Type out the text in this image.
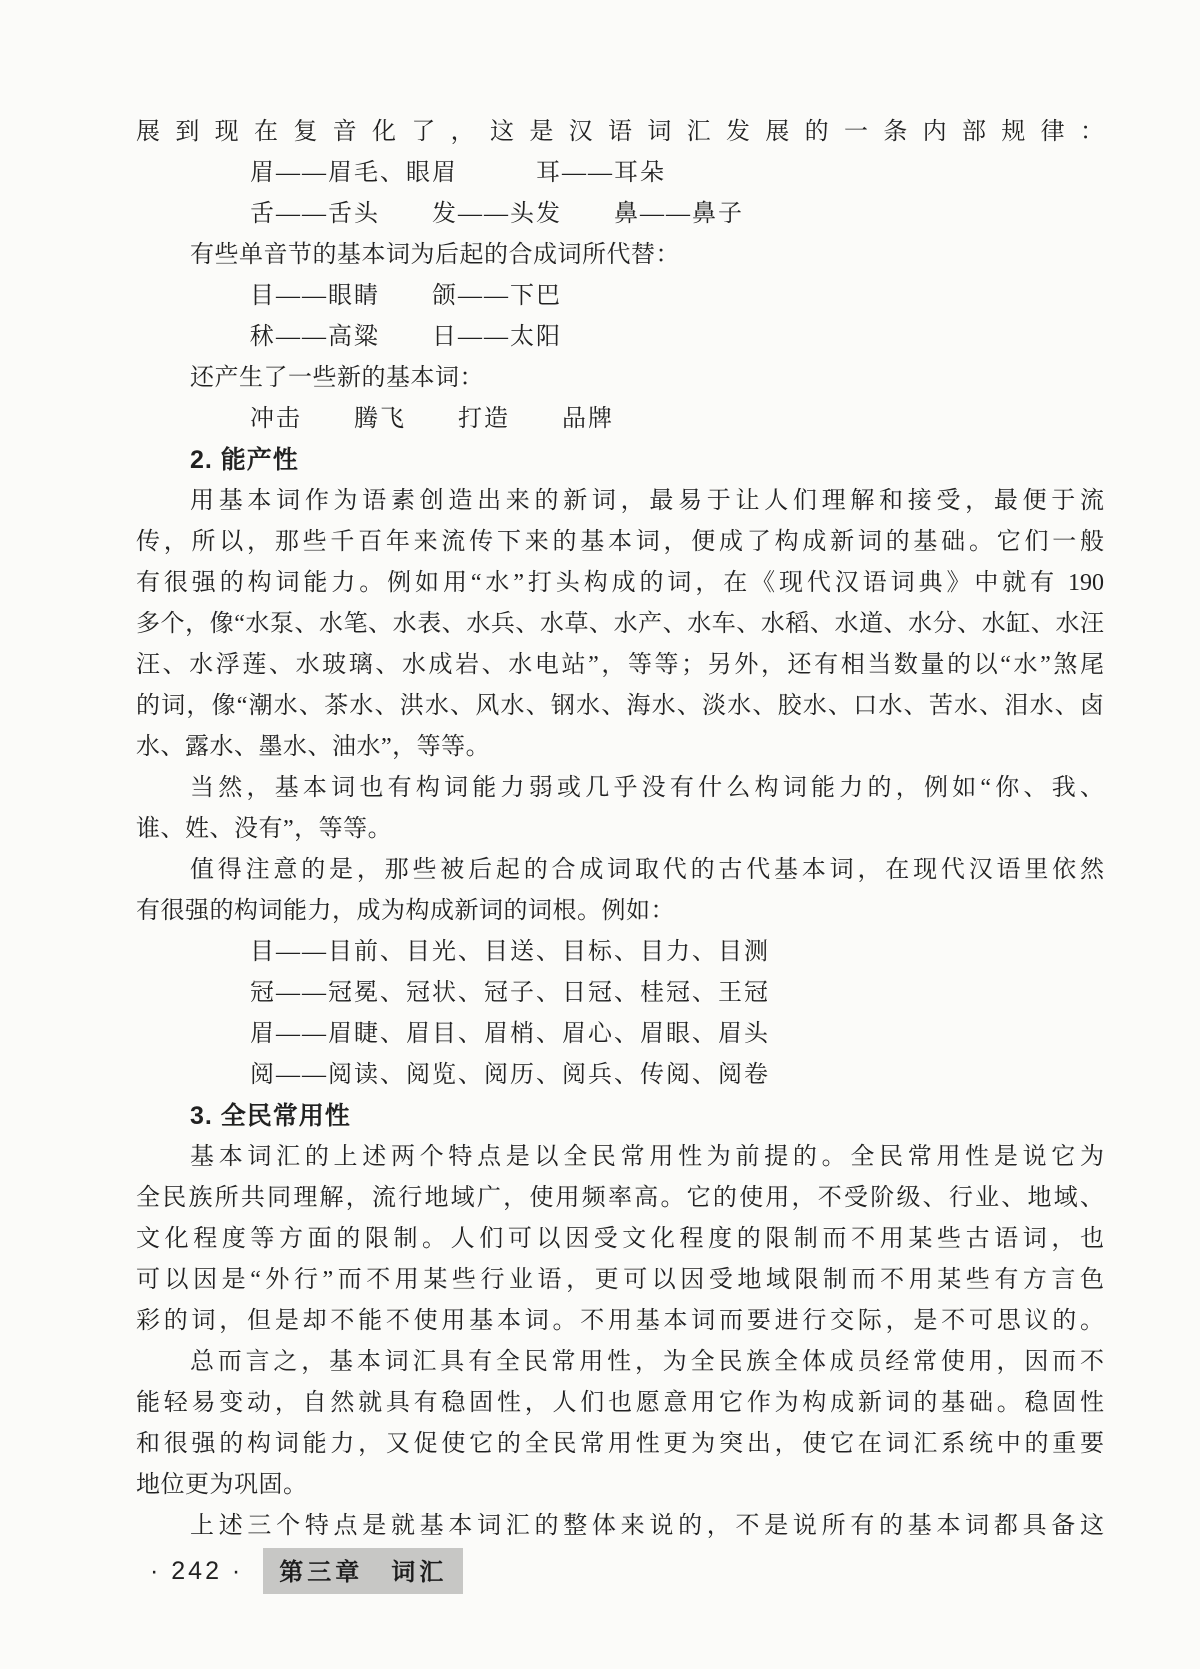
展到现在复音化了，这是汉语词汇发展的一条内部规律：
眉——眉毛、眼眉　　　耳——耳朵
舌——舌头　　发——头发　　鼻——鼻子
有些单音节的基本词为后起的合成词所代替：
目——眼睛　　颌——下巴
秫——高粱　　日——太阳
还产生了一些新的基本词：
冲击　　腾飞　　打造　　品牌
2. 能产性
用基本词作为语素创造出来的新词，最易于让人们理解和接受，最便于流
传，所以，那些千百年来流传下来的基本词，便成了构成新词的基础。它们一般
有很强的构词能力。例如用“水”打头构成的词，在《现代汉语词典》中就有 190
多个，像“水泵、水笔、水表、水兵、水草、水产、水车、水稻、水道、水分、水缸、水汪
汪、水浮莲、水玻璃、水成岩、水电站”，等等；另外，还有相当数量的以“水”煞尾
的词，像“潮水、茶水、洪水、风水、钢水、海水、淡水、胶水、口水、苦水、泪水、卤
水、露水、墨水、油水”，等等。
当然，基本词也有构词能力弱或几乎没有什么构词能力的，例如“你、我、
谁、姓、没有”，等等。
值得注意的是，那些被后起的合成词取代的古代基本词，在现代汉语里依然
有很强的构词能力，成为构成新词的词根。例如：
目——目前、目光、目送、目标、目力、目测
冠——冠冕、冠状、冠子、日冠、桂冠、王冠
眉——眉睫、眉目、眉梢、眉心、眉眼、眉头
阅——阅读、阅览、阅历、阅兵、传阅、阅卷
3. 全民常用性
基本词汇的上述两个特点是以全民常用性为前提的。全民常用性是说它为
全民族所共同理解，流行地域广，使用频率高。它的使用，不受阶级、行业、地域、
文化程度等方面的限制。人们可以因受文化程度的限制而不用某些古语词，也
可以因是“外行”而不用某些行业语，更可以因受地域限制而不用某些有方言色
彩的词，但是却不能不使用基本词。不用基本词而要进行交际，是不可思议的。
总而言之，基本词汇具有全民常用性，为全民族全体成员经常使用，因而不
能轻易变动，自然就具有稳固性，人们也愿意用它作为构成新词的基础。稳固性
和很强的构词能力，又促使它的全民常用性更为突出，使它在词汇系统中的重要
地位更为巩固。
上述三个特点是就基本词汇的整体来说的，不是说所有的基本词都具备这
· 242 ·	第三章　词汇
